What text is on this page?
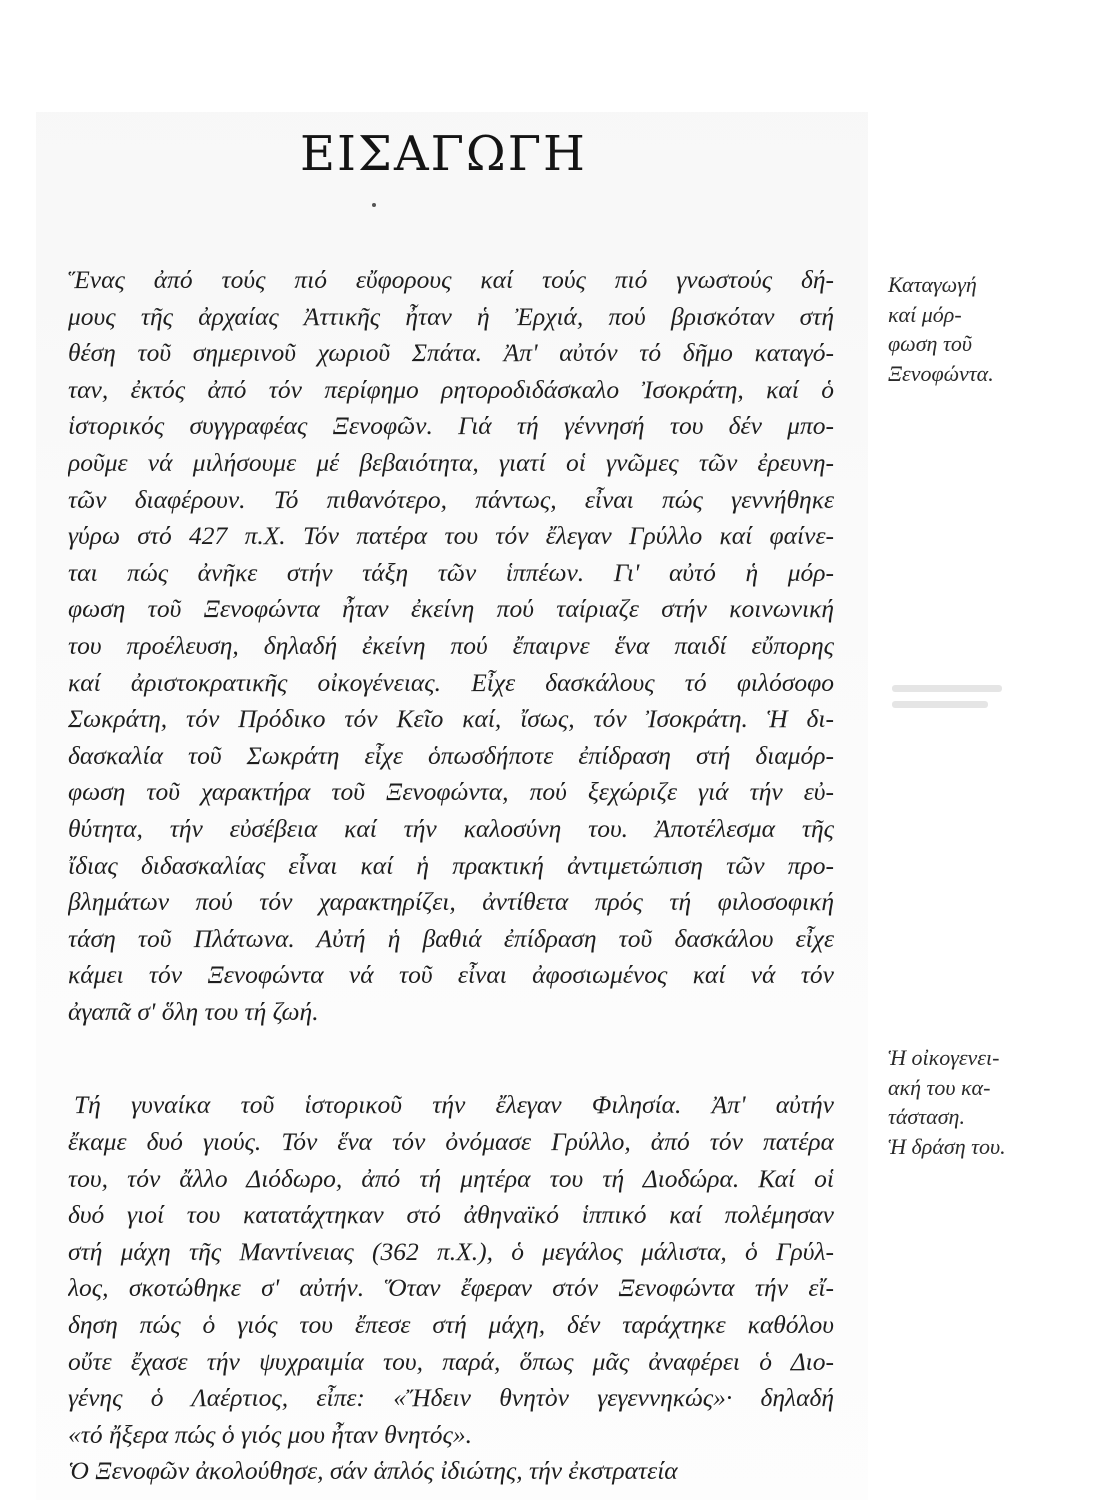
ΕΙΣΑΓΩΓΗ
Ἕνας ἀπό τούς πιό εὔφορους καί τούς πιό γνωστούς δή-
μους τῆς ἀρχαίας Ἀττικῆς ἦταν ἡ Ἐρχιά, πού βρισκόταν στή
θέση τοῦ σημερινοῦ χωριοῦ Σπάτα. Ἀπ' αὐτόν τό δῆμο καταγό-
ταν, ἐκτός ἀπό τόν περίφημο ρητοροδιδάσκαλο Ἰσοκράτη, καί ὁ
ἱστορικός συγγραφέας Ξενοφῶν. Γιά τή γέννησή του δέν μπο-
ροῦμε νά μιλήσουμε μέ βεβαιότητα, γιατί οἱ γνῶμες τῶν ἐρευνη-
τῶν διαφέρουν. Τό πιθανότερο, πάντως, εἶναι πώς γεννήθηκε
γύρω στό 427 π.Χ. Τόν πατέρα του τόν ἔλεγαν Γρύλλο καί φαίνε-
ται πώς ἀνῆκε στήν τάξη τῶν ἱππέων. Γι' αὐτό ἡ μόρ-
φωση τοῦ Ξενοφώντα ἦταν ἐκείνη πού ταίριαζε στήν κοινωνική
του προέλευση, δηλαδή ἐκείνη πού ἔπαιρνε ἕνα παιδί εὔπορης
καί ἀριστοκρατικῆς οἰκογένειας. Εἶχε δασκάλους τό φιλόσοφο
Σωκράτη, τόν Πρόδικο τόν Κεῖο καί, ἴσως, τόν Ἰσοκράτη. Ἡ δι-
δασκαλία τοῦ Σωκράτη εἶχε ὁπωσδήποτε ἐπίδραση στή διαμόρ-
φωση τοῦ χαρακτήρα τοῦ Ξενοφώντα, πού ξεχώριζε γιά τήν εὐ-
θύτητα, τήν εὐσέβεια καί τήν καλοσύνη του. Ἀποτέλεσμα τῆς
ἴδιας διδασκαλίας εἶναι καί ἡ πρακτική ἀντιμετώπιση τῶν προ-
βλημάτων πού τόν χαρακτηρίζει, ἀντίθετα πρός τή φιλοσοφική
τάση τοῦ Πλάτωνα. Αὐτή ἡ βαθιά ἐπίδραση τοῦ δασκάλου εἶχε
κάμει τόν Ξενοφώντα νά τοῦ εἶναι ἀφοσιωμένος καί νά τόν
ἀγαπᾶ σ' ὅλη του τή ζωή.
Τή γυναίκα τοῦ ἱστορικοῦ τήν ἔλεγαν Φιλησία. Ἀπ' αὐτήν
ἔκαμε δυό γιούς. Τόν ἕνα τόν ὀνόμασε Γρύλλο, ἀπό τόν πατέρα
του, τόν ἄλλο Διόδωρο, ἀπό τή μητέρα του τή Διοδώρα. Καί οἱ
δυό γιοί του κατατάχτηκαν στό ἀθηναϊκό ἱππικό καί πολέμησαν
στή μάχη τῆς Μαντίνειας (362 π.Χ.), ὁ μεγάλος μάλιστα, ὁ Γρύλ-
λος, σκοτώθηκε σ' αὐτήν. Ὅταν ἔφεραν στόν Ξενοφώντα τήν εἴ-
δηση πώς ὁ γιός του ἔπεσε στή μάχη, δέν ταράχτηκε καθόλου
οὔτε ἔχασε τήν ψυχραιμία του, παρά, ὅπως μᾶς ἀναφέρει ὁ Διο-
γένης ὁ Λαέρτιος, εἶπε: «Ἤδειν θνητὸν γεγεννηκώς»· δηλαδή
«τό ἤξερα πώς ὁ γιός μου ἦταν θνητός».
Ὁ Ξενοφῶν ἀκολούθησε, σάν ἁπλός ἰδιώτης, τήν ἐκστρατεία
Καταγωγή
καί μόρ-
φωση τοῦ
Ξενοφώντα.
Ἡ οἰκογενει-
ακή του κα-
τάσταση.
Ἡ δράση του.
